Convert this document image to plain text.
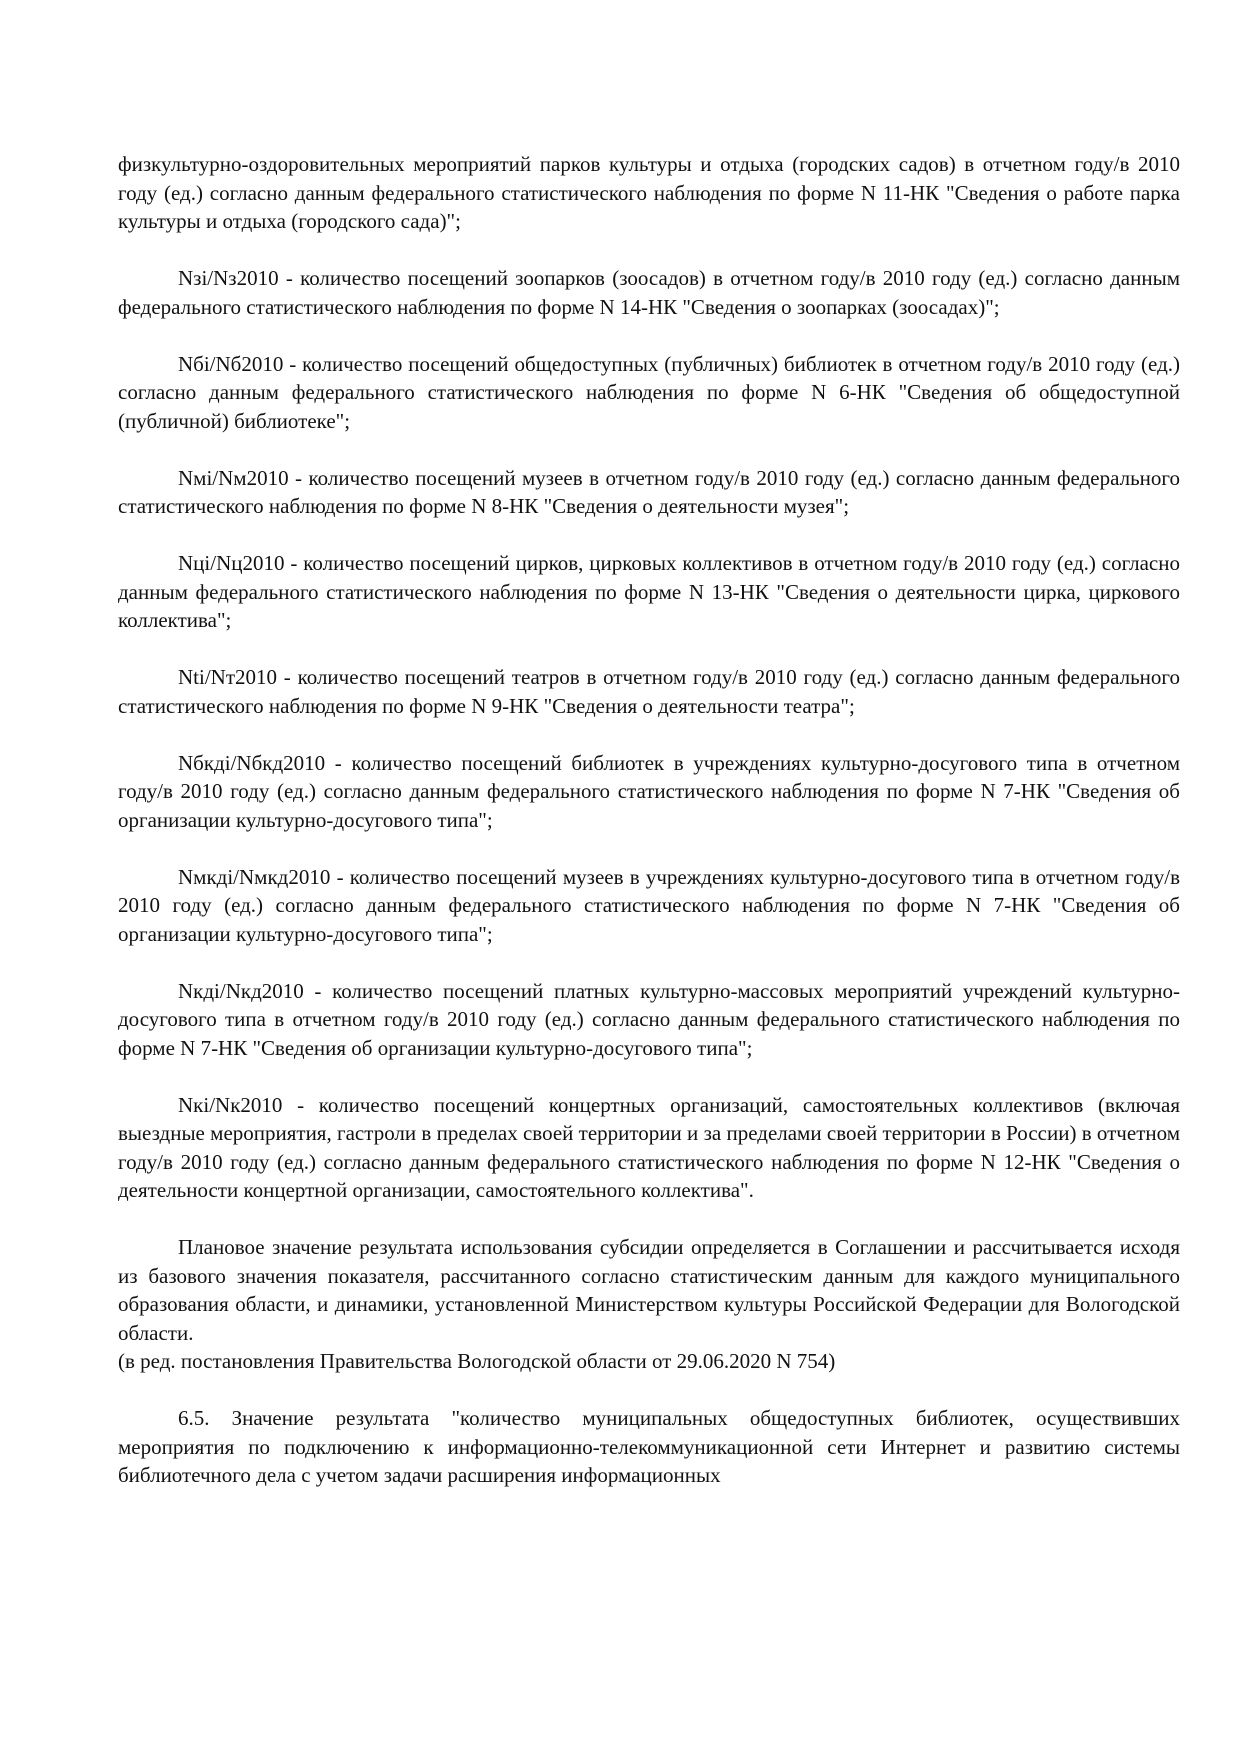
физкультурно-оздоровительных мероприятий парков культуры и отдыха (городских садов) в отчетном году/в 2010 году (ед.) согласно данным федерального статистического наблюдения по форме N 11-НК "Сведения о работе парка культуры и отдыха (городского сада)";

Nзi/Nз2010 - количество посещений зоопарков (зоосадов) в отчетном году/в 2010 году (ед.) согласно данным федерального статистического наблюдения по форме N 14-НК "Сведения о зоопарках (зоосадах)";

Nбi/Nб2010 - количество посещений общедоступных (публичных) библиотек в отчетном году/в 2010 году (ед.) согласно данным федерального статистического наблюдения по форме N 6-НК "Сведения об общедоступной (публичной) библиотеке";

Nмi/Nм2010 - количество посещений музеев в отчетном году/в 2010 году (ед.) согласно данным федерального статистического наблюдения по форме N 8-НК "Сведения о деятельности музея";

Nцi/Nц2010 - количество посещений цирков, цирковых коллективов в отчетном году/в 2010 году (ед.) согласно данным федерального статистического наблюдения по форме N 13-НК "Сведения о деятельности цирка, циркового коллектива";

Ntі/Nт2010 - количество посещений театров в отчетном году/в 2010 году (ед.) согласно данным федерального статистического наблюдения по форме N 9-НК "Сведения о деятельности театра";

Nбкдi/Nбкд2010 - количество посещений библиотек в учреждениях культурно-досугового типа в отчетном году/в 2010 году (ед.) согласно данным федерального статистического наблюдения по форме N 7-НК "Сведения об организации культурно-досугового типа";

Nмкдi/Nмкд2010 - количество посещений музеев в учреждениях культурно-досугового типа в отчетном году/в 2010 году (ед.) согласно данным федерального статистического наблюдения по форме N 7-НК "Сведения об организации культурно-досугового типа";

Nкдi/Nкд2010 - количество посещений платных культурно-массовых мероприятий учреждений культурно-досугового типа в отчетном году/в 2010 году (ед.) согласно данным федерального статистического наблюдения по форме N 7-НК "Сведения об организации культурно-досугового типа";

Nкi/Nк2010 - количество посещений концертных организаций, самостоятельных коллективов (включая выездные мероприятия, гастроли в пределах своей территории и за пределами своей территории в России) в отчетном году/в 2010 году (ед.) согласно данным федерального статистического наблюдения по форме N 12-НК "Сведения о деятельности концертной организации, самостоятельного коллектива".

Плановое значение результата использования субсидии определяется в Соглашении и рассчитывается исходя из базового значения показателя, рассчитанного согласно статистическим данным для каждого муниципального образования области, и динамики, установленной Министерством культуры Российской Федерации для Вологодской области.

(в ред. постановления Правительства Вологодской области от 29.06.2020 N 754)

6.5. Значение результата "количество муниципальных общедоступных библиотек, осуществивших мероприятия по подключению к информационно-телекоммуникационной сети Интернет и развитию системы библиотечного дела с учетом задачи расширения информационных
